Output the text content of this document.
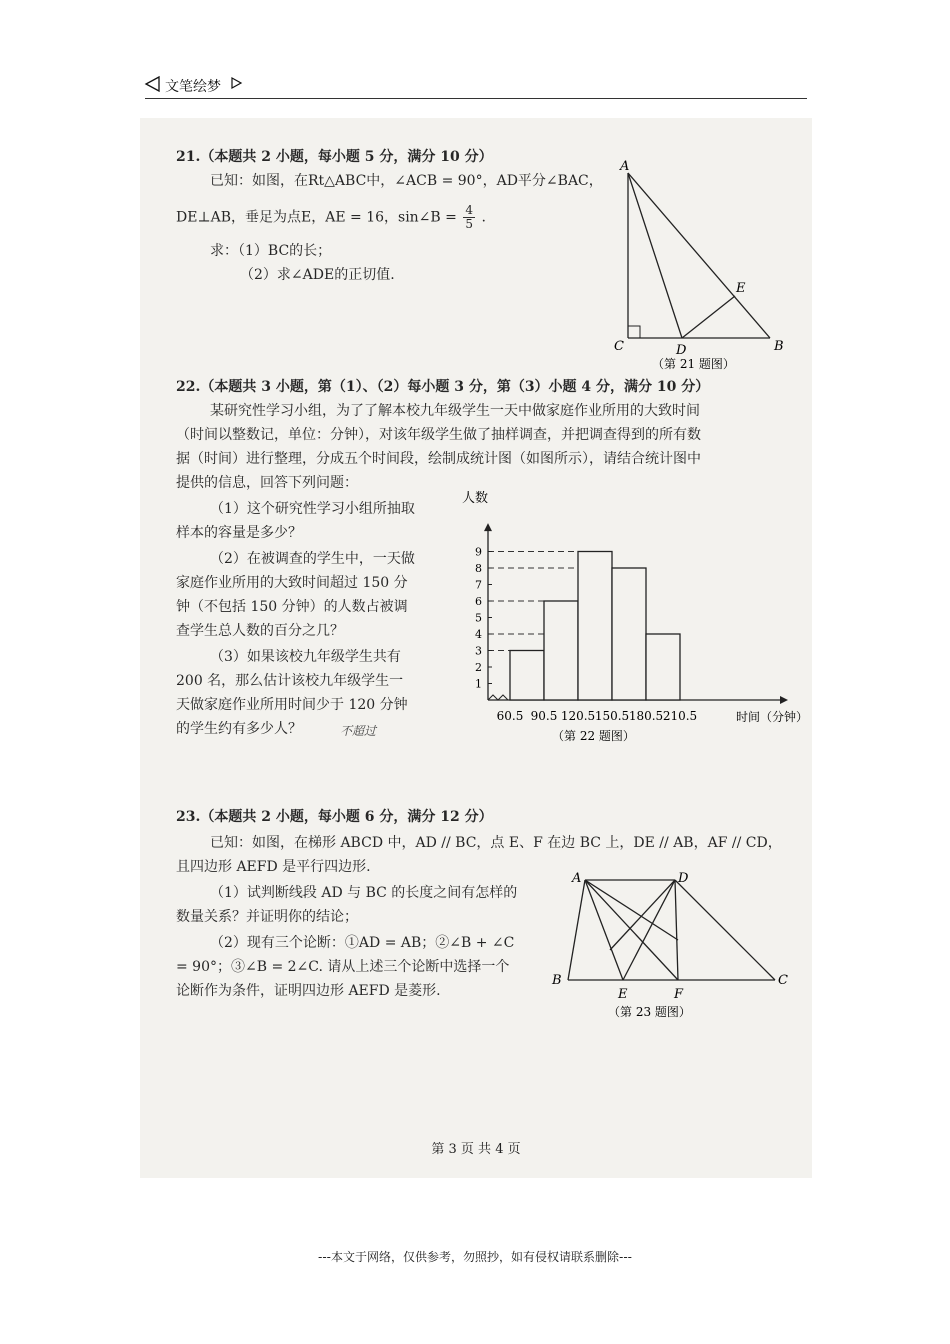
文笔绘梦
21.（本题共 2 小题，每小题 5 分，满分 10 分）
已知：如图，在Rt△ABC中，∠ACB = 90°，AD平分∠BAC，
DE⊥AB，垂足为点E，AE = 16，sin∠B = $\frac{4}{5}$ .
求：（1）BC的长；
（2）求∠ADE的正切值.
A
C	D
E
B
（第 21 题图）
22.（本题共 3 小题，第（1）、（2）每小题 3 分，第（3）小题 4 分，满分 10 分）
某研究性学习小组，为了了解本校九年级学生一天中做家庭作业所用的大致时间
（时间以整数记，单位：分钟），对该年级学生做了抽样调查，并把调查得到的所有数
据（时间）进行整理，分成五个时间段，绘制成统计图（如图所示），请结合统计图中
提供的信息，回答下列问题：
（1）这个研究性学习小组所抽取
样本的容量是多少？
（2）在被调查的学生中，一天做
家庭作业所用的大致时间超过 150 分
钟（不包括 150 分钟）的人数占被调
查学生总人数的百分之几？
（3）如果该校九年级学生共有
200 名，那么估计该校九年级学生一
天做家庭作业所用时间少于 120 分钟
的学生约有多少人？	不超过
1
2
3
4
5
6
7
8
9
60.5 90.5 120.5 150.5 180.5 210.5
人数
时间（分钟）
（第 22 题图）
23.（本题共 2 小题，每小题 6 分，满分 12 分）
已知：如图，在梯形 ABCD 中，AD // BC，点 E、F 在边 BC 上，DE // AB，AF // CD，
且四边形 AEFD 是平行四边形.
（1）试判断线段 AD 与 BC 的长度之间有怎样的
数量关系？并证明你的结论；
（2）现有三个论断：①AD = AB；②∠B + ∠C
= 90°；③∠B = 2∠C. 请从上述三个论断中选择一个
论断作为条件，证明四边形 AEFD 是菱形.
A	D
B
E	F
C
（第 23 题图）
第 3 页 共 4 页
---本文于网络，仅供参考，勿照抄，如有侵权请联系删除---
